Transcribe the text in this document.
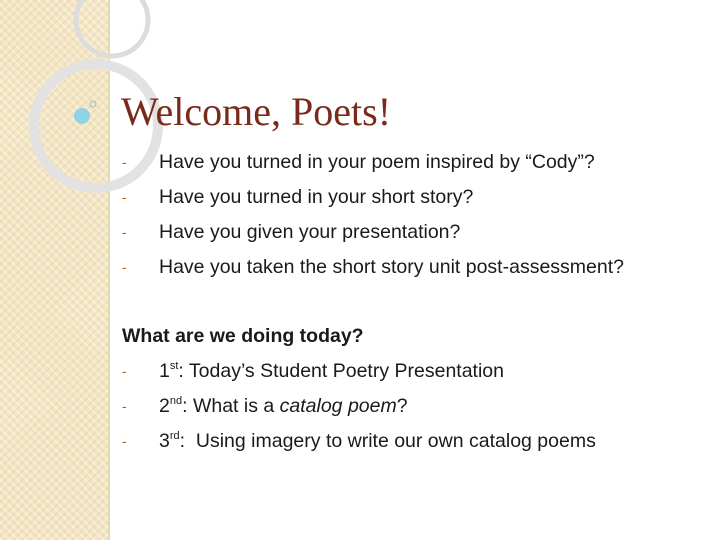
Welcome, Poets!
- Have you turned in your poem inspired by “Cody”?
- Have you turned in your short story?
- Have you given your presentation?
- Have you taken the short story unit post-assessment?
What are we doing today?
- 1st: Today’s Student Poetry Presentation
- 2nd: What is a catalog poem?
- 3rd:  Using imagery to write our own catalog poems
